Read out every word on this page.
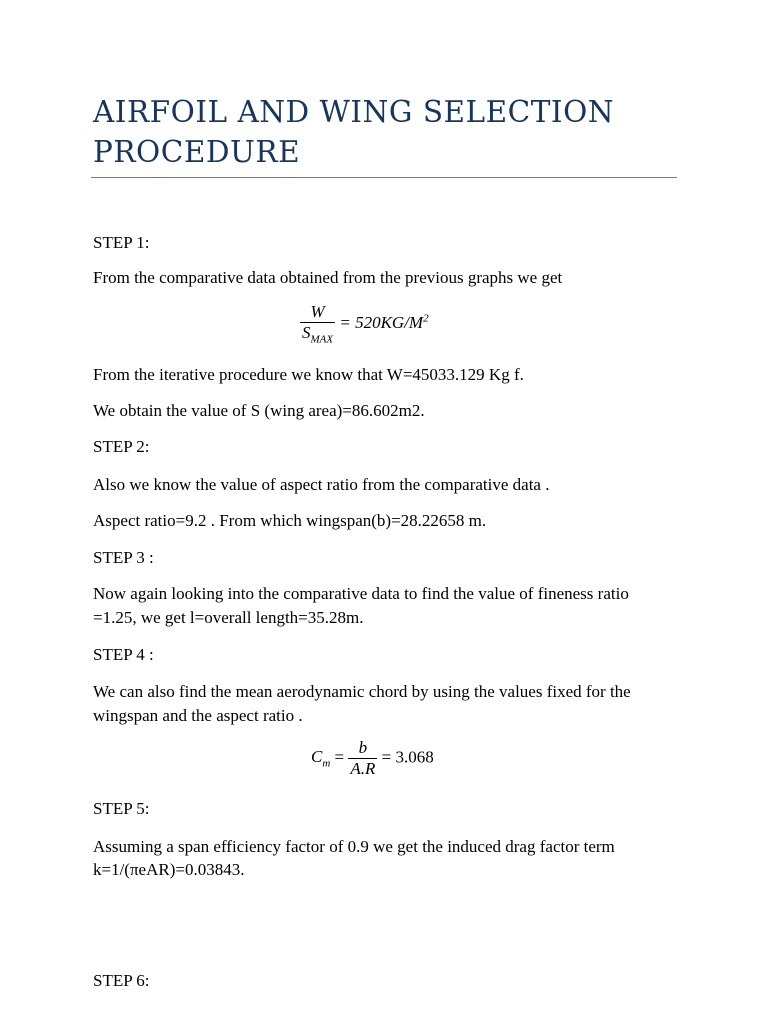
AIRFOIL AND WING SELECTION PROCEDURE

STEP 1:

From the comparative data obtained from the previous graphs we get

$\frac{W}{S_{MAX}} = 520KG/M^2$

From the iterative procedure we know that W=45033.129 Kg f.

We obtain the value of S (wing area)=86.602m2.

STEP 2:

Also we know the value of aspect ratio from the comparative data .

Aspect ratio=9.2 . From which wingspan(b)=28.22658 m.

STEP 3 :

Now again looking into the comparative data to find the value of fineness ratio =1.25, we get l=overall length=35.28m.

STEP 4 :

We can also find the mean aerodynamic chord by using the values fixed for the wingspan and the aspect ratio .

$C_m = \frac{b}{A.R} = 3.068$

STEP 5:

Assuming a span efficiency factor of 0.9 we get the induced drag factor term

k=1/(πeAR)=0.03843.

STEP 6:
